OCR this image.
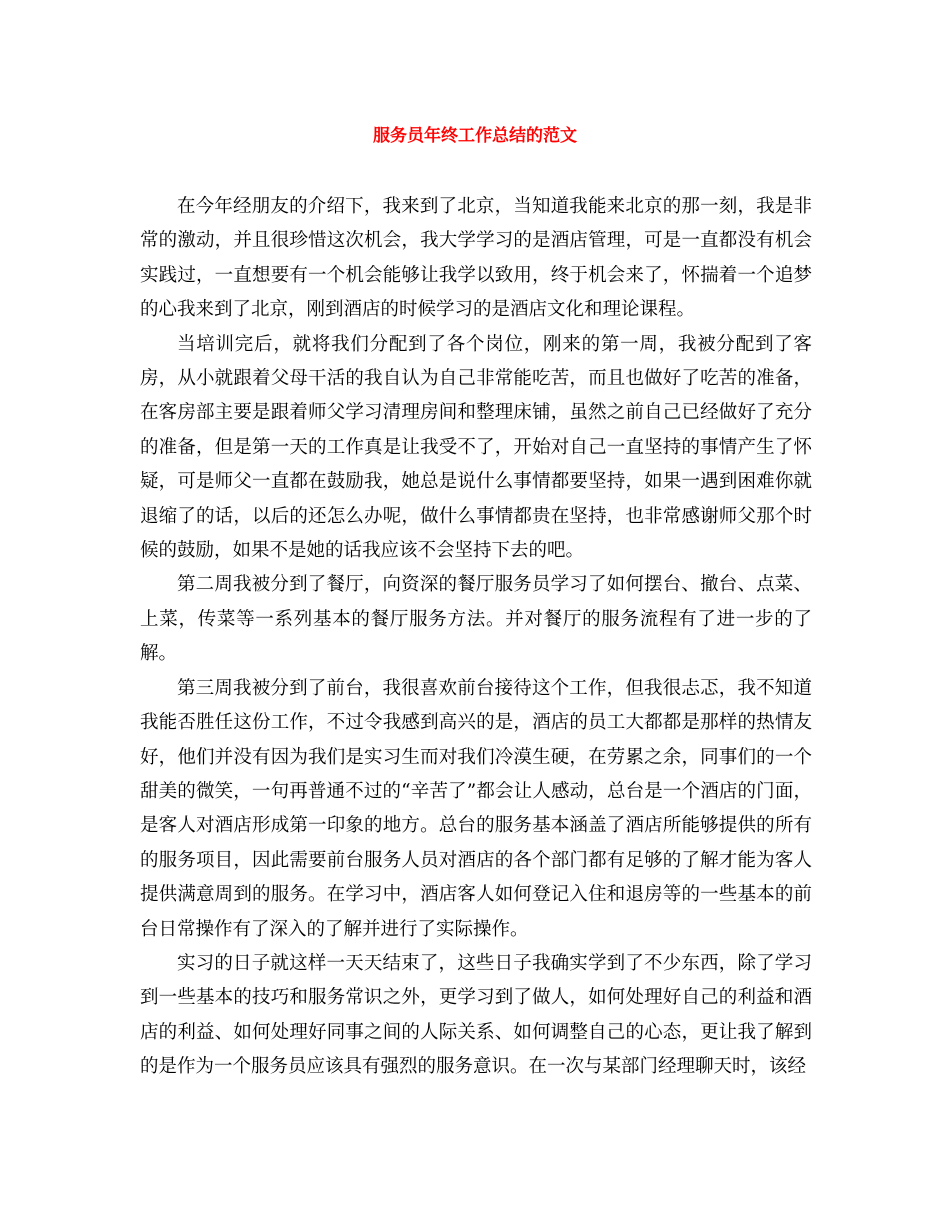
服务员年终工作总结的范文

在今年经朋友的介绍下，我来到了北京，当知道我能来北京的那一刻，我是非常的激动，并且很珍惜这次机会，我大学学习的是酒店管理，可是一直都没有机会实践过，一直想要有一个机会能够让我学以致用，终于机会来了，怀揣着一个追梦的心我来到了北京，刚到酒店的时候学习的是酒店文化和理论课程。

当培训完后，就将我们分配到了各个岗位，刚来的第一周，我被分配到了客房，从小就跟着父母干活的我自认为自己非常能吃苦，而且也做好了吃苦的准备，在客房部主要是跟着师父学习清理房间和整理床铺，虽然之前自己已经做好了充分的准备，但是第一天的工作真是让我受不了，开始对自己一直坚持的事情产生了怀疑，可是师父一直都在鼓励我，她总是说什么事情都要坚持，如果一遇到困难你就退缩了的话，以后的还怎么办呢，做什么事情都贵在坚持，也非常感谢师父那个时候的鼓励，如果不是她的话我应该不会坚持下去的吧。

第二周我被分到了餐厅，向资深的餐厅服务员学习了如何摆台、撤台、点菜、上菜，传菜等一系列基本的餐厅服务方法。并对餐厅的服务流程有了进一步的了解。

第三周我被分到了前台，我很喜欢前台接待这个工作，但我很忐忑，我不知道我能否胜任这份工作，不过令我感到高兴的是，酒店的员工大都都是那样的热情友好，他们并没有因为我们是实习生而对我们冷漠生硬，在劳累之余，同事们的一个甜美的微笑，一句再普通不过的“辛苦了”都会让人感动，总台是一个酒店的门面，是客人对酒店形成第一印象的地方。总台的服务基本涵盖了酒店所能够提供的所有的服务项目，因此需要前台服务人员对酒店的各个部门都有足够的了解才能为客人提供满意周到的服务。在学习中，酒店客人如何登记入住和退房等的一些基本的前台日常操作有了深入的了解并进行了实际操作。

实习的日子就这样一天天结束了，这些日子我确实学到了不少东西，除了学习到一些基本的技巧和服务常识之外，更学习到了做人，如何处理好自己的利益和酒店的利益、如何处理好同事之间的人际关系、如何调整自己的心态，更让我了解到的是作为一个服务员应该具有强烈的服务意识。在一次与某部门经理聊天时，该经
